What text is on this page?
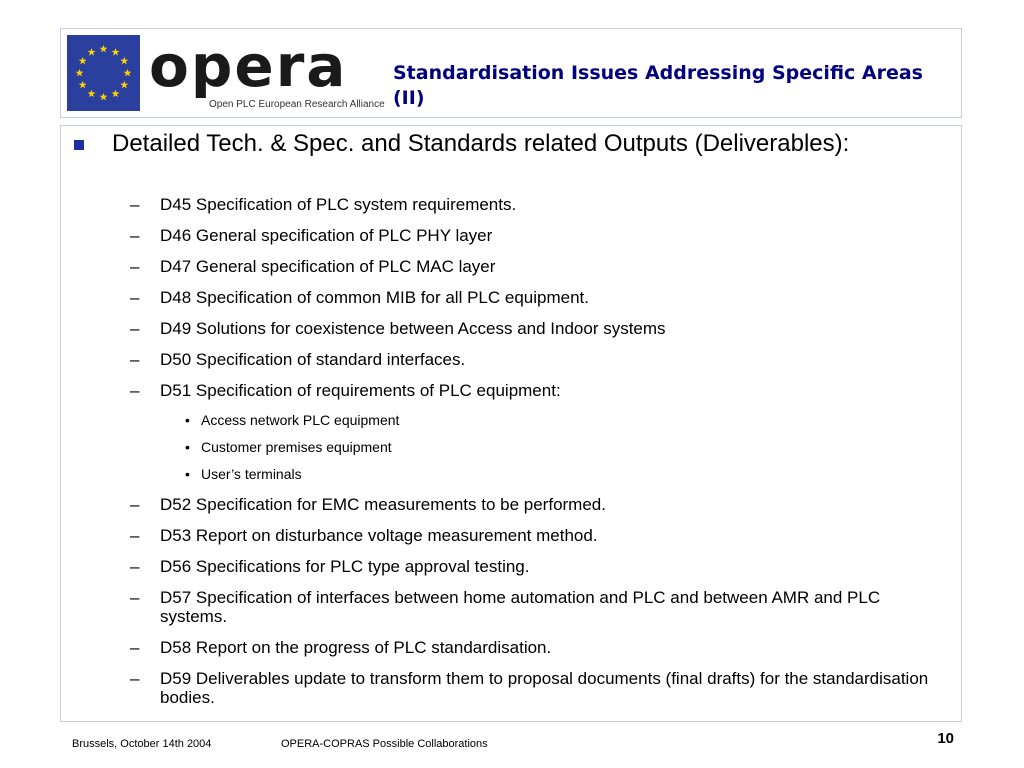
opera
Open PLC European Research Alliance
Standardisation Issues Addressing Specific Areas (II)
Detailed Tech. & Spec. and Standards related Outputs (Deliverables):
– D45 Specification of PLC system requirements.
– D46 General specification of PLC PHY layer
– D47 General specification of PLC MAC layer
– D48 Specification of common MIB for all PLC equipment.
– D49 Solutions for coexistence between Access and Indoor systems
– D50 Specification of standard interfaces.
– D51 Specification of requirements of PLC equipment:
• Access network PLC equipment
• Customer premises equipment
• User’s terminals
– D52 Specification for EMC measurements to be performed.
– D53 Report on disturbance voltage measurement method.
– D56 Specifications for PLC type approval testing.
– D57 Specification of interfaces between home automation and PLC and between AMR and PLC systems.
– D58 Report on the progress of PLC standardisation.
– D59 Deliverables update to transform them to proposal documents (final drafts) for the standardisation bodies.
Brussels, October 14th 2004	OPERA-COPRAS Possible Collaborations	10
